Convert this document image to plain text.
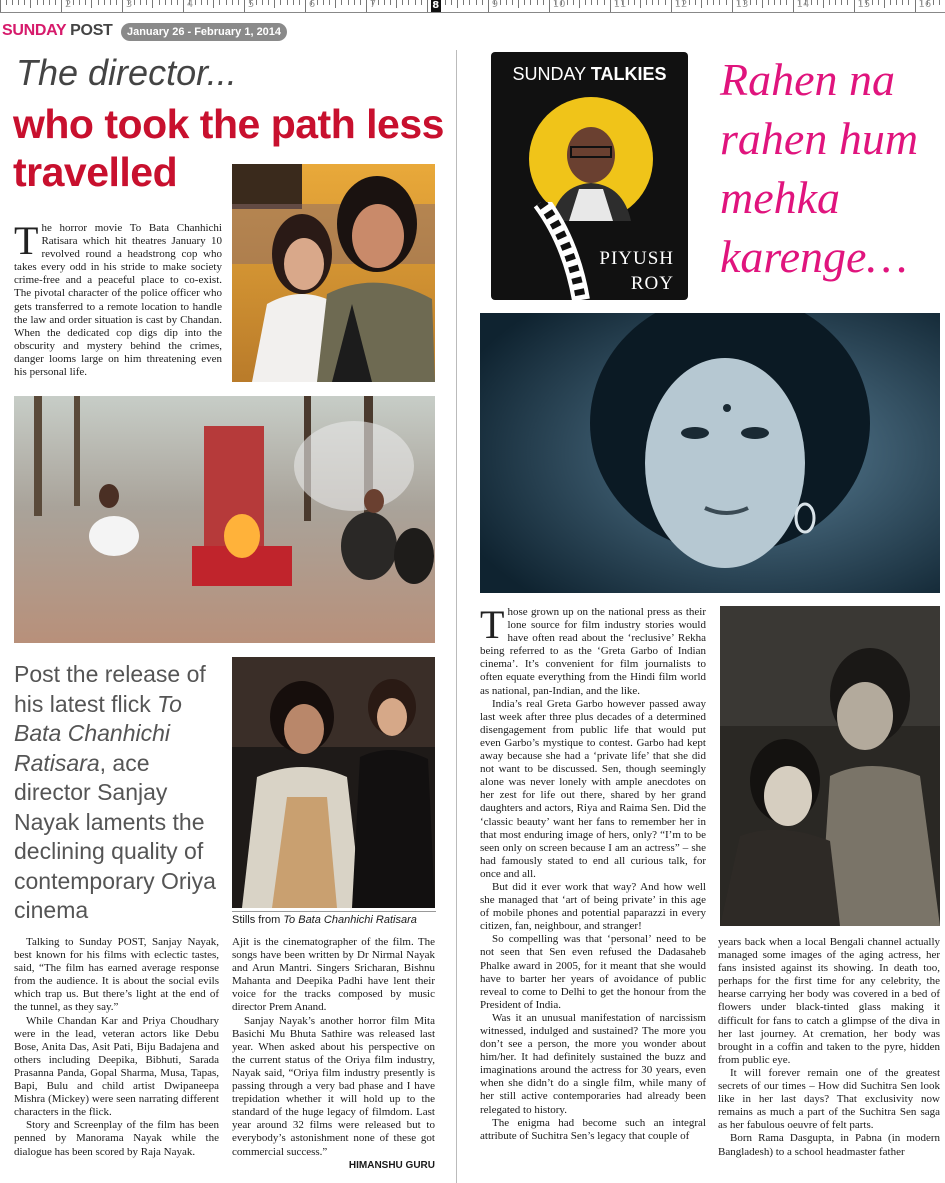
2	3	4	5	6	7	8	9	10	11	12	13	14	15	16
SUNDAY POST	January 26 - February 1, 2014
The director...
who took the path less travelled

The horror movie To Bata Chanhichi Ratisara which hit theatres January 10 revolved round a headstrong cop who takes every odd in his stride to make society crime-free and a peaceful place to co-exist. The pivotal character of the police officer who gets transferred to a remote location to handle the law and order situation is cast by Chandan. When the dedicated cop digs dip into the obscurity and mystery behind the crimes, danger looms large on him threatening even his personal life.

Post the release of his latest flick To Bata Chanhichi Ratisara, ace director Sanjay Nayak laments the declining quality of contemporary Oriya cinema	Stills from To Bata Chanhichi Ratisara

Talking to Sunday POST, Sanjay Nayak, best known for his films with eclectic tastes, said, “The film has earned average response from the audience. It is about the social evils which trap us. But there’s light at the end of the tunnel, as they say.”

While Chandan Kar and Priya Choudhary were in the lead, veteran actors like Debu Bose, Anita Das, Asit Pati, Biju Badajena and others including Deepika, Bibhuti, Sarada Prasanna Panda, Gopal Sharma, Musa, Tapas, Bapi, Bulu and child artist Dwipaneepa Mishra (Mickey) were seen narrating different characters in the flick.

Story and Screenplay of the film has been penned by Manorama Nayak while the dialogue has been scored by Raja Nayak.

Ajit is the cinematographer of the film. The songs have been written by Dr Nirmal Nayak and Arun Mantri. Singers Sricharan, Bishnu Mahanta and Deepika Padhi have lent their voice for the tracks composed by music director Prem Anand.

Sanjay Nayak’s another horror film Mita Basichi Mu Bhuta Sathire was released last year. When asked about his perspective on the current status of the Oriya film industry, Nayak said, “Oriya film industry presently is passing through a very bad phase and I have trepidation whether it will hold up to the standard of the huge legacy of filmdom. Last year around 32 films were released but to everybody’s astonishment none of these got commercial success.”

HIMANSHU GURU

SUNDAY TALKIES
PIYUSH
ROY
Rahen na rahen hum mehka karenge…

Those grown up on the national press as their lone source for film industry stories would have often read about the ‘reclusive’ Rekha being referred to as the ‘Greta Garbo of Indian cinema’. It’s convenient for film journalists to often equate everything from the Hindi film world as national, pan-Indian, and the like.

India’s real Greta Garbo however passed away last week after three plus decades of a determined disengagement from public life that would put even Garbo’s mystique to contest. Garbo had kept away because she had a ‘private life’ that she did not want to be discussed. Sen, though seemingly alone was never lonely with ample anecdotes on her zest for life out there, shared by her grand daughters and actors, Riya and Raima Sen. Did the ‘classic beauty’ want her fans to remember her in that most enduring image of hers, only? “I’m to be seen only on screen because I am an actress” – she had famously stated to end all curious talk, for once and all.

But did it ever work that way? And how well she managed that ‘art of being private’ in this age of mobile phones and potential paparazzi in every citizen, fan, neighbour, and stranger!

So compelling was that ‘personal’ need to be not seen that Sen even refused the Dadasaheb Phalke award in 2005, for it meant that she would have to barter her years of avoidance of public reveal to come to Delhi to get the honour from the President of India.

Was it an unusual manifestation of narcissism witnessed, indulged and sustained? The more you don’t see a person, the more you wonder about him/her. It had definitely sustained the buzz and imaginations around the actress for 30 years, even when she didn’t do a single film, while many of her still active contemporaries had already been relegated to history.

The enigma had become such an integral attribute of Suchitra Sen’s legacy that couple of

years back when a local Bengali channel actually managed some images of the aging actress, her fans insisted against its showing. In death too, perhaps for the first time for any celebrity, the hearse carrying her body was covered in a bed of flowers under black-tinted glass making it difficult for fans to catch a glimpse of the diva in her last journey. At cremation, her body was brought in a coffin and taken to the pyre, hidden from public eye.

It will forever remain one of the greatest secrets of our times – How did Suchitra Sen look like in her last days? That exclusivity now remains as much a part of the Suchitra Sen saga as her fabulous oeuvre of felt parts.

Born Rama Dasgupta, in Pabna (in modern Bangladesh) to a school headmaster father
